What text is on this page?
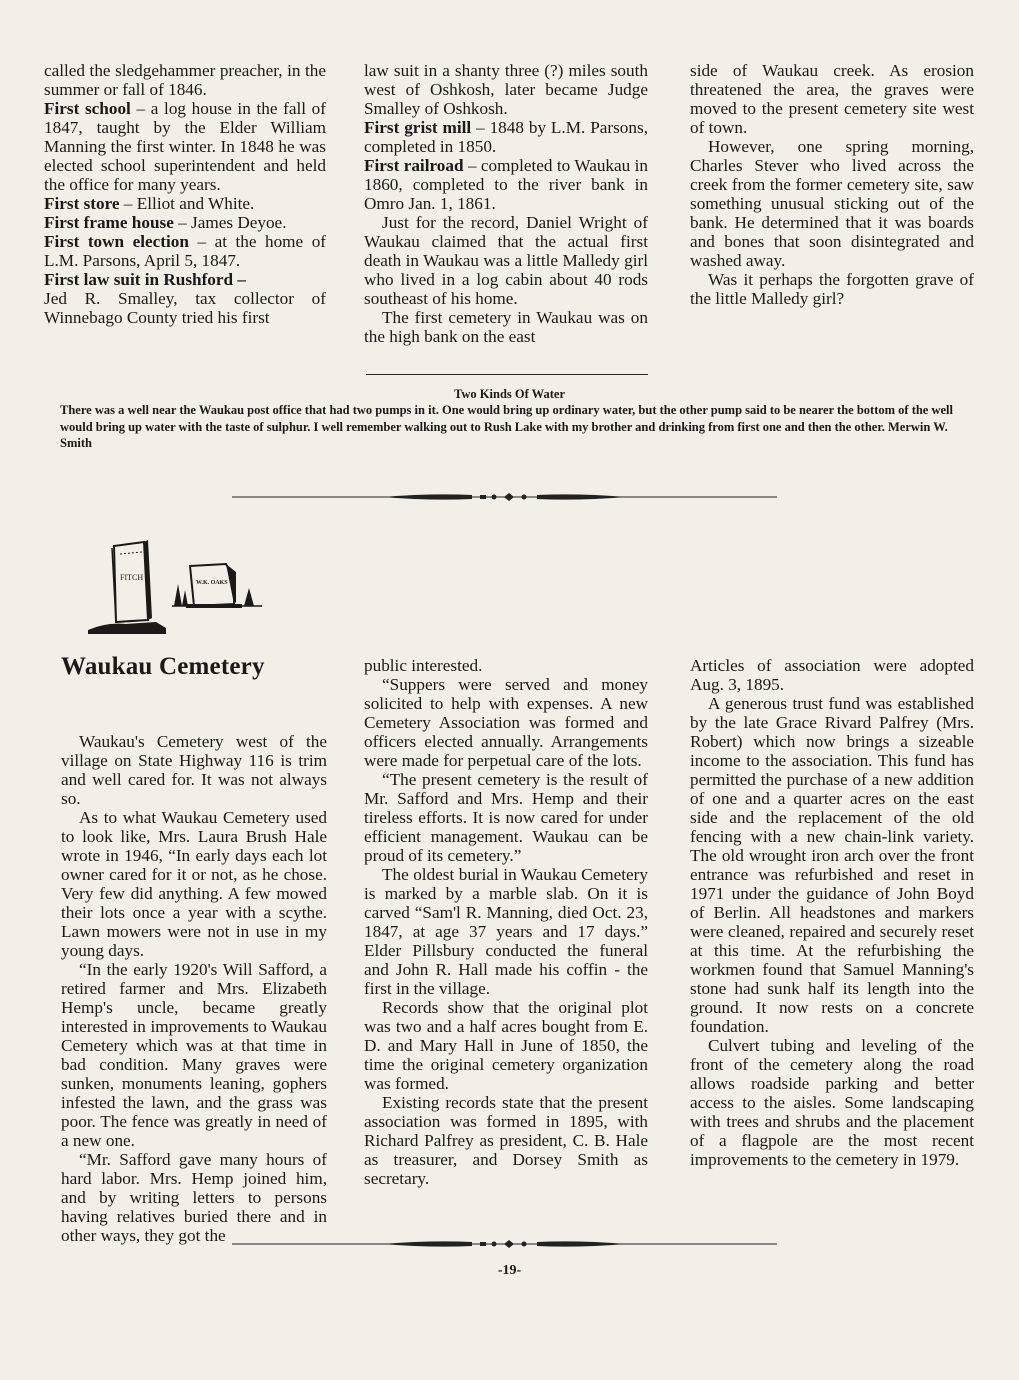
called the sledgehammer preacher, in the summer or fall of 1846.

First school – a log house in the fall of 1847, taught by the Elder William Manning the first winter. In 1848 he was elected school superintendent and held the office for many years.

First store – Elliot and White.

First frame house – James Deyoe.

First town election – at the home of L.M. Parsons, April 5, 1847.

First law suit in Rushford –

Jed R. Smalley, tax collector of Winnebago County tried his first

law suit in a shanty three (?) miles south west of Oshkosh, later became Judge Smalley of Oshkosh.

First grist mill – 1848 by L.M. Parsons, completed in 1850.

First railroad – completed to Waukau in 1860, completed to the river bank in Omro Jan. 1, 1861.

Just for the record, Daniel Wright of Waukau claimed that the actual first death in Waukau was a little Malledy girl who lived in a log cabin about 40 rods southeast of his home.

The first cemetery in Waukau was on the high bank on the east

side of Waukau creek. As erosion threatened the area, the graves were moved to the present cemetery site west of town.

However, one spring morning, Charles Stever who lived across the creek from the former cemetery site, saw something unusual sticking out of the bank. He determined that it was boards and bones that soon disintegrated and washed away.

Was it perhaps the forgotten grave of the little Malledy girl?

Two Kinds Of Water
There was a well near the Waukau post office that had two pumps in it. One would bring up ordinary water, but the other pump said to be nearer the bottom of the well would bring up water with the taste of sulphur. I well remember walking out to Rush Lake with my brother and drinking from first one and then the other. Merwin W. Smith
FITCH
W.K. OAKS
Waukau Cemetery

Waukau's Cemetery west of the village on State Highway 116 is trim and well cared for. It was not always so.

As to what Waukau Cemetery used to look like, Mrs. Laura Brush Hale wrote in 1946, “In early days each lot owner cared for it or not, as he chose. Very few did anything. A few mowed their lots once a year with a scythe. Lawn mowers were not in use in my young days.

“In the early 1920's Will Safford, a retired farmer and Mrs. Elizabeth Hemp's uncle, became greatly interested in improvements to Waukau Cemetery which was at that time in bad condition. Many graves were sunken, monuments leaning, gophers infested the lawn, and the grass was poor. The fence was greatly in need of a new one.

“Mr. Safford gave many hours of hard labor. Mrs. Hemp joined him, and by writing letters to persons having relatives buried there and in other ways, they got the

public interested.

“Suppers were served and money solicited to help with expenses. A new Cemetery Association was formed and officers elected annually. Arrangements were made for perpetual care of the lots.

“The present cemetery is the result of Mr. Safford and Mrs. Hemp and their tireless efforts. It is now cared for under efficient management. Waukau can be proud of its cemetery.”

The oldest burial in Waukau Cemetery is marked by a marble slab. On it is carved “Sam'l R. Manning, died Oct. 23, 1847, at age 37 years and 17 days.” Elder Pillsbury conducted the funeral and John R. Hall made his coffin - the first in the village.

Records show that the original plot was two and a half acres bought from E. D. and Mary Hall in June of 1850, the time the original cemetery organization was formed.

Existing records state that the present association was formed in 1895, with Richard Palfrey as president, C. B. Hale as treasurer, and Dorsey Smith as secretary.

Articles of association were adopted Aug. 3, 1895.

A generous trust fund was established by the late Grace Rivard Palfrey (Mrs. Robert) which now brings a sizeable income to the association. This fund has permitted the purchase of a new addition of one and a quarter acres on the east side and the replacement of the old fencing with a new chain-link variety. The old wrought iron arch over the front entrance was refurbished and reset in 1971 under the guidance of John Boyd of Berlin. All headstones and markers were cleaned, repaired and securely reset at this time. At the refurbishing the workmen found that Samuel Manning's stone had sunk half its length into the ground. It now rests on a concrete foundation.

Culvert tubing and leveling of the front of the cemetery along the road allows roadside parking and better access to the aisles. Some landscaping with trees and shrubs and the placement of a flagpole are the most recent improvements to the cemetery in 1979.

-19-
